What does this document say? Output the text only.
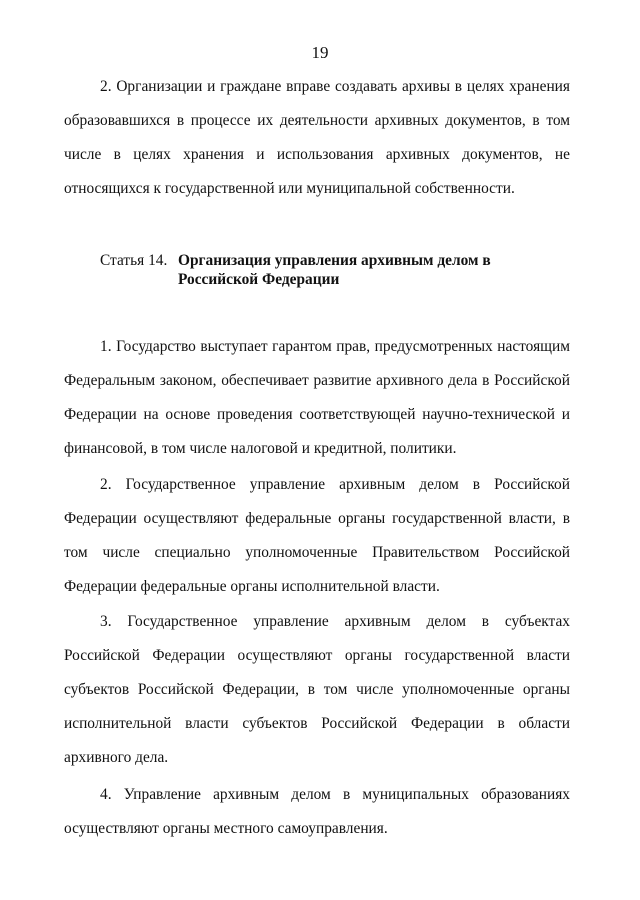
19
2. Организации и граждане вправе создавать архивы в целях хранения образовавшихся в процессе их деятельности архивных документов, в том числе в целях хранения и использования архивных документов, не относящихся к государственной или муниципальной собственности.
Статья 14. Организация управления архивным делом в Российской Федерации
1. Государство выступает гарантом прав, предусмотренных настоящим Федеральным законом, обеспечивает развитие архивного дела в Российской Федерации на основе проведения соответствующей научно-технической и финансовой, в том числе налоговой и кредитной, политики.
2. Государственное управление архивным делом в Российской Федерации осуществляют федеральные органы государственной власти, в том числе специально уполномоченные Правительством Российской Федерации федеральные органы исполнительной власти.
3. Государственное управление архивным делом в субъектах Российской Федерации осуществляют органы государственной власти субъектов Российской Федерации, в том числе уполномоченные органы исполнительной власти субъектов Российской Федерации в области архивного дела.
4. Управление архивным делом в муниципальных образованиях осуществляют органы местного самоуправления.
